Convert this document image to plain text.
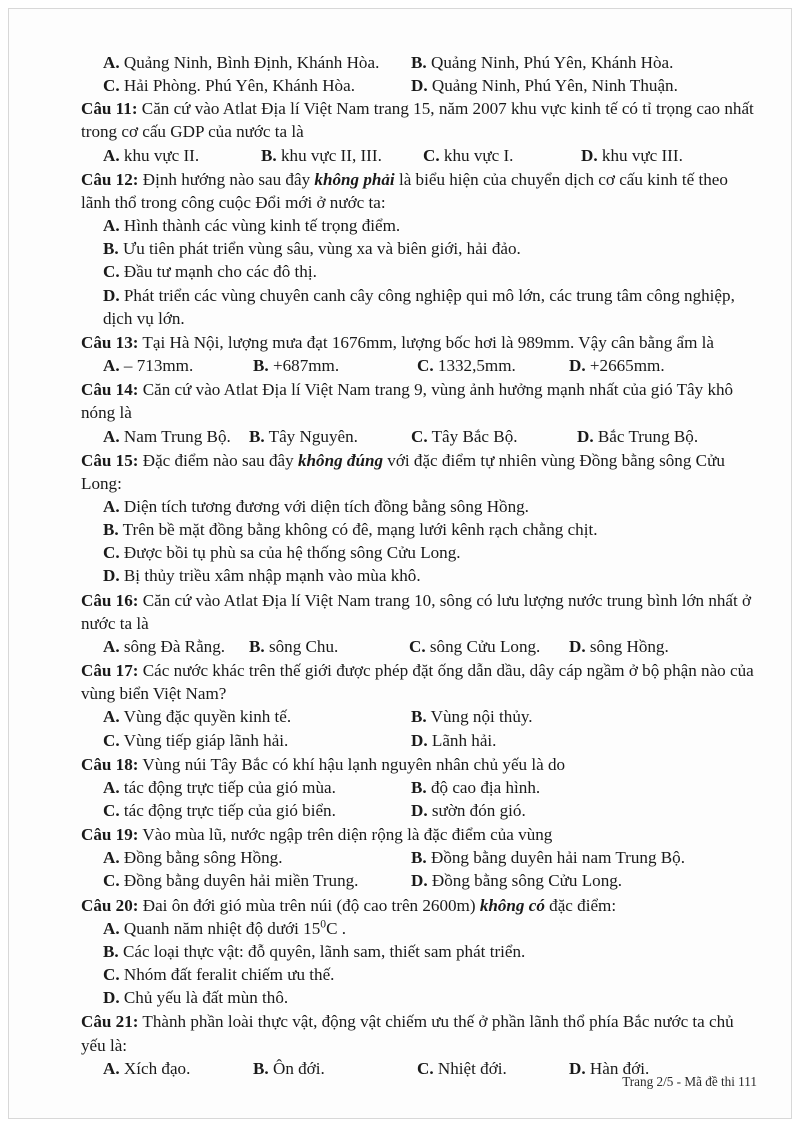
A. Quảng Ninh, Bình Định, Khánh Hòa. B. Quảng Ninh, Phú Yên, Khánh Hòa.
C. Hải Phòng. Phú Yên, Khánh Hòa.	D. Quảng Ninh, Phú Yên, Ninh Thuận.

Câu 11: Căn cứ vào Atlat Địa lí Việt Nam trang 15, năm 2007 khu vực kinh tế có tỉ trọng cao nhất trong cơ cấu GDP của nước ta là

A. khu vực II.	B. khu vực II, III. C. khu vực I.	D. khu vực III.

Câu 12: Định hướng nào sau đây không phải là biểu hiện của chuyển dịch cơ cấu kinh tế theo lãnh thổ trong công cuộc Đổi mới ở nước ta:

A. Hình thành các vùng kinh tế trọng điểm.
B. Ưu tiên phát triển vùng sâu, vùng xa và biên giới, hải đảo.
C. Đầu tư mạnh cho các đô thị.
D. Phát triển các vùng chuyên canh cây công nghiệp qui mô lớn, các trung tâm công nghiệp, dịch vụ lớn.

Câu 13: Tại Hà Nội, lượng mưa đạt 1676mm, lượng bốc hơi là 989mm. Vậy cân bằng ẩm là

A. – 713mm.	B. +687mm.	C. 1332,5mm.	D. +2665mm.

Câu 14: Căn cứ vào Atlat Địa lí Việt Nam trang 9, vùng ảnh hưởng mạnh nhất của gió Tây khô nóng là

A. Nam Trung Bộ. B. Tây Nguyên.	C. Tây Bắc Bộ.	D. Bắc Trung Bộ.

Câu 15: Đặc điểm nào sau đây không đúng với đặc điểm tự nhiên vùng Đồng bằng sông Cửu Long:

A. Diện tích tương đương với diện tích đồng bằng sông Hồng.
B. Trên bề mặt đồng bằng không có đê, mạng lưới kênh rạch chằng chịt.
C. Được bồi tụ phù sa của hệ thống sông Cửu Long.
D. Bị thủy triều xâm nhập mạnh vào mùa khô.

Câu 16: Căn cứ vào Atlat Địa lí Việt Nam trang 10, sông có lưu lượng nước trung bình lớn nhất ở nước ta là

A. sông Đà Rằng. B. sông Chu.	C. sông Cửu Long. D. sông Hồng.

Câu 17: Các nước khác trên thế giới được phép đặt ống dẫn dầu, dây cáp ngầm ở bộ phận nào của vùng biển Việt Nam?

A. Vùng đặc quyền kinh tế.	B. Vùng nội thủy.
C. Vùng tiếp giáp lãnh hải.	D. Lãnh hải.

Câu 18: Vùng núi Tây Bắc có khí hậu lạnh nguyên nhân chủ yếu là do

A. tác động trực tiếp của gió mùa.	B. độ cao địa hình.
C. tác động trực tiếp của gió biển.	D. sườn đón gió.

Câu 19: Vào mùa lũ, nước ngập trên diện rộng là đặc điểm của vùng

A. Đồng bằng sông Hồng.	B. Đồng bằng duyên hải nam Trung Bộ.
C. Đồng bằng duyên hải miền Trung.	D. Đồng bằng sông Cửu Long.

Câu 20: Đai ôn đới gió mùa trên núi (độ cao trên 2600m) không có đặc điểm:

A. Quanh năm nhiệt độ dưới $15^0C$ .
B. Các loại thực vật: đỗ quyên, lãnh sam, thiết sam phát triển.
C. Nhóm đất feralit chiếm ưu thế.
D. Chủ yếu là đất mùn thô.

Câu 21: Thành phần loài thực vật, động vật chiếm ưu thế ở phần lãnh thổ phía Bắc nước ta chủ yếu là:

A. Xích đạo.	B. Ôn đới.	C. Nhiệt đới.	D. Hàn đới.
Trang 2/5 - Mã đề thi 111
